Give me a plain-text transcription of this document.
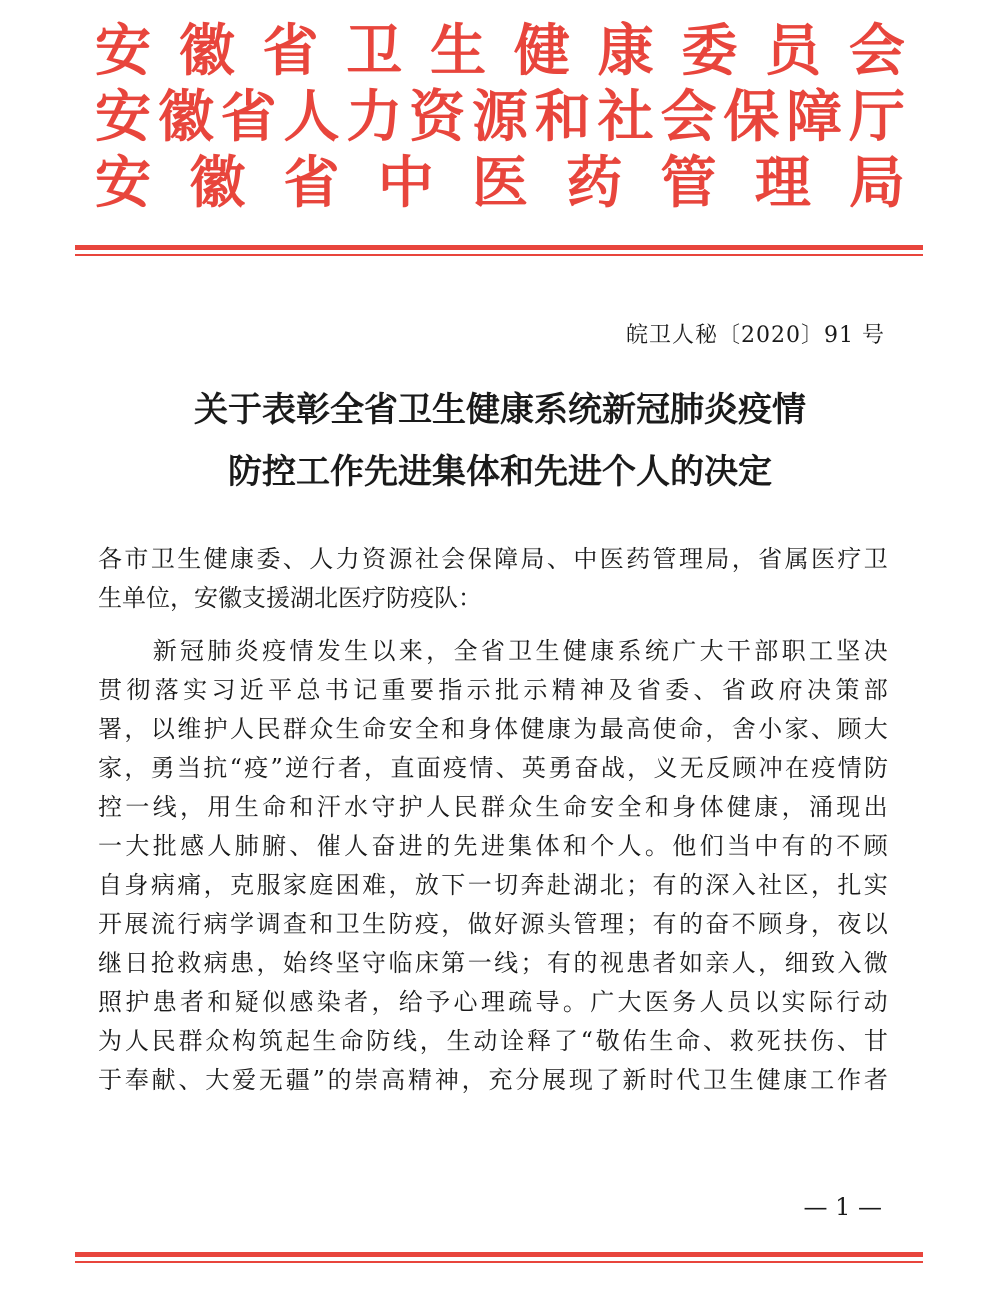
安 徽 省 卫 生 健 康 委 员 会
安 徽 省 人 力 资 源 和 社 会 保 障 厅
安 徽 省 中 医 药 管 理 局
皖卫人秘〔2020〕91 号
关于表彰全省卫生健康系统新冠肺炎疫情
防控工作先进集体和先进个人的决定
各 市 卫 生 健 康 委 、 人 力 资 源 社 会 保 障 局 、 中 医 药 管 理 局 ， 省 属 医 疗 卫
生 单 位 ， 安 徽 支 援 湖 北 医 疗 防 疫 队 ：

新 冠 肺 炎 疫 情 发 生 以 来 ， 全 省 卫 生 健 康 系 统 广 大 干 部 职 工 坚 决
贯 彻 落 实 习 近 平 总 书 记 重 要 指 示 批 示 精 神 及 省 委 、 省 政 府 决 策 部
署 ， 以 维 护 人 民 群 众 生 命 安 全 和 身 体 健 康 为 最 高 使 命 ， 舍 小 家 、 顾 大
家 ， 勇 当 抗 “ 疫 ” 逆 行 者 ， 直 面 疫 情 、 英 勇 奋 战 ， 义 无 反 顾 冲 在 疫 情 防
控 一 线 ， 用 生 命 和 汗 水 守 护 人 民 群 众 生 命 安 全 和 身 体 健 康 ， 涌 现 出
一 大 批 感 人 肺 腑 、 催 人 奋 进 的 先 进 集 体 和 个 人 。 他 们 当 中 有 的 不 顾
自 身 病 痛 ， 克 服 家 庭 困 难 ， 放 下 一 切 奔 赴 湖 北 ； 有 的 深 入 社 区 ， 扎 实
开 展 流 行 病 学 调 查 和 卫 生 防 疫 ， 做 好 源 头 管 理 ； 有 的 奋 不 顾 身 ， 夜 以
继 日 抢 救 病 患 ， 始 终 坚 守 临 床 第 一 线 ； 有 的 视 患 者 如 亲 人 ， 细 致 入 微
照 护 患 者 和 疑 似 感 染 者 ， 给 予 心 理 疏 导 。 广 大 医 务 人 员 以 实 际 行 动
为 人 民 群 众 构 筑 起 生 命 防 线 ， 生 动 诠 释 了 “ 敬 佑 生 命 、 救 死 扶 伤 、 甘
于 奉 献 、 大 爱 无 疆 ” 的 崇 高 精 神 ， 充 分 展 现 了 新 时 代 卫 生 健 康 工 作 者
— 1 —
